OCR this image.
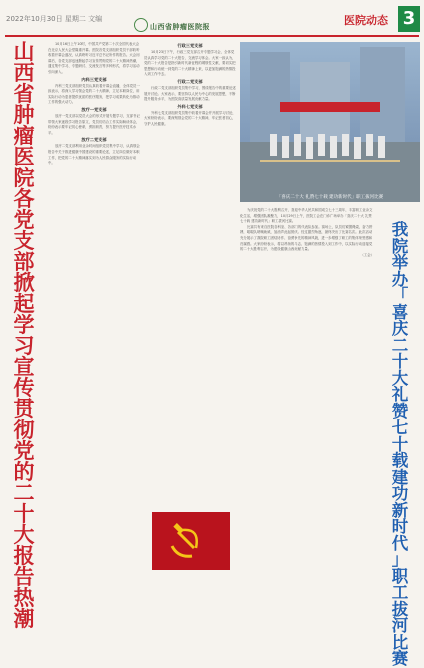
2022年10月30日 星期二 文编
山西省肿瘤医院报	医院动态 3
山
西
省
肿
瘤
医
院
各
党
支
部
掀
起
学
习
宣
传
贯
彻
党
的
二
十
大
报
告
热
潮

10月16日上午10时，中国共产党第二十次全国代表大会在北京人民大会堂隆重开幕。医院各党支部组织党员干部收听收看开幕会盛况，认真聆听习近平总书记所作的报告。大会闭幕后，各党支部迅速掀起学习宣传贯彻党的二十大精神热潮，通过集中学习、专题研讨、交流发言等多种形式，将学习活动引向深入。

内科三党支部

内科三党支部组织党员认真收看开幕会直播，全体党员一致表示，将深入学习领会党的二十大精神，立足本职岗位，用实际行动为患者提供优质的医疗服务，把学习成果转化为推动工作的强大动力。

放疗一党支部

放疗一党支部以党员大会的形式开展专题学习，支部书记带领大家逐段学习报告原文，党员们结合工作实际畅谈体会，纷纷表示要牢记初心使命，勇担职责，努力提升医疗技术水平。

放疗二党支部

放疗二党支部利用业余时间组织党员集中学习，认真领会报告中关于推进健康中国建设的重要论述，立足岗位做好本职工作，把党的二十大精神落实到为人民群众服务的实际行动中。

行政三党支部

10月23日下午，行政三党支部召开专题学习会，全体党员认真学习党的二十大报告，交流学习体会。大家一致认为，党的二十大报告是指引新时代新征程的纲领性文献，要切实把思想和行动统一到党的二十大精神上来，以更加饱满的热情投入到工作中去。

行政二党支部

行政二党支部组织党员集中学习，围绕报告中的重要论述展开讨论。大家表示，要坚持以人民为中心的发展思想，不断提升服务水平，为医院高质量发展贡献力量。

外科七党支部

外科七党支部组织党员集中收看开幕会并开展学习讨论，大家纷纷表示，要深刻领会党的二十大精神，牢记医者初心，守护人民健康。

「喜庆二十大 礼赞七十载 建功新时代」职工拔河比赛

为庆祝党的二十大胜利召开，喜迎中华人民共和国成立七十三周年，丰富职工业余文化生活，增强团队凝聚力，10月29日上午，医院工会在门诊广场举办「喜庆二十大 礼赞七十载 建功新时代」职工拔河比赛。

比赛共有来自医院各科室、各部门的代表队参加。赛场上，队员们紧握绳索，奋力拼搏，啦啦队呐喊助威，加油声此起彼伏。经过激烈角逐，最终决出了比赛名次。此次活动充分展示了我院职工团结协作、奋勇争先的精神风貌，进一步增强了职工的集体荣誉感和归属感。大家纷纷表示，将以昂扬的斗志、饱满的热情投入到工作中，以实际行动迎接党的二十大胜利召开，为建设健康山西贡献力量。

（工会）

我
院
举
办
「
喜
庆
二
十
大
礼
赞
七
十
载
建
功
新
时
代
」
职
工
拔
河
比
赛
